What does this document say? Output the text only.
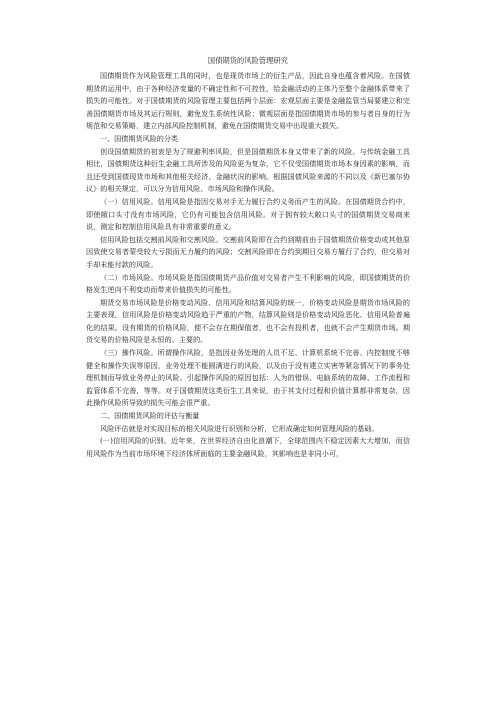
国债期货的风险管理研究

国债期货作为风险管理工具的同时，也是现货市场上的衍生产品，因此自身也蕴含着风险。在国债期货的运用中，由于各种经济变量的不确定性和不可控性，给金融活动的主体乃至整个金融体系带来了损失的可能性。对于国债期货的风险管理主要包括两个层面：宏观层面主要是金融监管当局要建立和完善国债期货市场及其运行规则，避免发生系统性风险；微观层面是指国债期货市场的参与者自身的行为规范和交易策略，建立内部风险控制机制，避免在国债期货交易中出现重大损失。

一、国债期货风险的分类

创设国债期货的初衷是为了规避利率风险，但是国债期货本身又带来了新的风险。与传统金融工具相比，国债期货这种衍生金融工具所涉及的风险更为复杂，它不仅受国债期货市场本身因素的影响，而且还受到国债现货市场和其他相关经济、金融状况的影响。根据国债风险来源的不同以及《新巴塞尔协议》的相关规定，可以分为信用风险、市场风险和操作风险。

（一）信用风险。信用风险是指因交易对手无力履行合约义务而产生的风险。在国债期货合约中，即使敞口头寸没有市场风险，它仍有可能包含信用风险。对于拥有较大敞口头寸的国债期货交易商来说，测定和控制信用风险具有非常重要的意义。

信用风险包括交割前风险和交割风险。交割前风险即在合约到期前由于国债期货价格变动或其他原因致使交易者蒙受较大亏损而无力履约的风险；交割风险即在合约到期日交易方履行了合约，但交易对手却未能付款的风险。

（二）市场风险。市场风险是指国债期货产品价值对交易者产生不利影响的风险，即国债期货的价格发生逆向不利变动而带来价值损失的可能性。

期货交易市场风险是价格变动风险、信用风险和结算风险的统一，价格变动风险是期货市场风险的主要表现，信用风险是价格变动风险趋于严重的产物，结算风险则是价格变动风险恶化、信用风险普遍化的结果。没有期货的价格风险，便不会存在期保值者，也不会有投机者，也就不会产生期货市场。期货交易的价格风险是永恒的、主要的。

（三）操作风险。所谓操作风险，是指因业务处理的人员不足、计算机系统不完善、内控制度不够健全和操作失误等原因，业务处理不能圆满进行的风险，以及由于没有建立实害等紧急情况下的事务处理机制而导致业务停止的风险。引起操作风险的原因包括：人为的错误、电脑系统的故障、工作流程和监管体系不完善，等等。对于国债期货这类衍生工具来说，由于其支付过程和价值计算都非常复杂，因此操作风险所导致的损失可能会很严重。

二、国债期货风险的评估与衡量

风险评估就是对实现目标的相关风险进行识别和分析，它形成确定如何管理风险的基础。

(一)信用风险的识别。近年来，在世界经济自由化浪潮下，全球范围内不稳定因素大大增加，而信用风险作为当前市场环境下经济体所面临的主要金融风险，其影响也是非同小可，
